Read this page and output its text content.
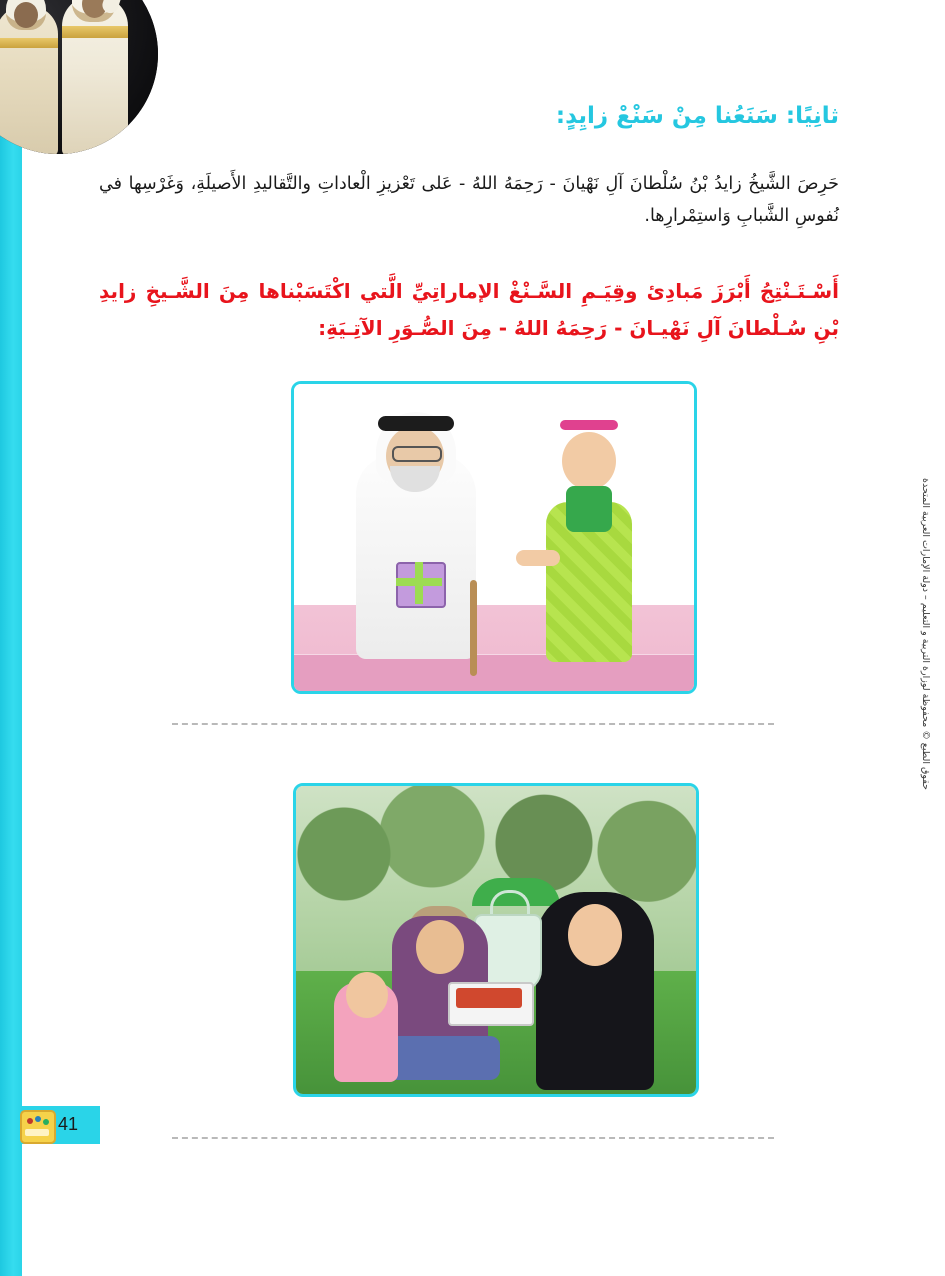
ثانِيًا: سَنَعُنا مِنْ سَنْعْ زايِدٍ:
حَرِصَ الشَّيخُ زايدُ بْنُ سُلْطانَ آلِ نَهْيانَ - رَحِمَهُ اللهُ - عَلى تَعْزيزِ الْعاداتِ والتَّقاليدِ الأَصيلَةِ، وَغَرْسِها في نُفوسِ الشَّبابِ وَاستِمْرارِها.
أَسْـتَـنْتِجُ أَبْرَزَ مَبادِئ وقِيَـمِ السَّـنْغْ الإماراتِيِّ الَّتي اكْتَسَبْناها مِنَ الشَّـيخِ زايدِ بْنِ سُـلْطانَ آلِ نَهْيـانَ - رَحِمَهُ اللهُ - مِنَ الصُّـوَرِ الآتِـيَةِ:
41
حقوق الطبع © محفوظة لوزارة التربية و التعليم – دولة الإمارات العربية المتحدة
